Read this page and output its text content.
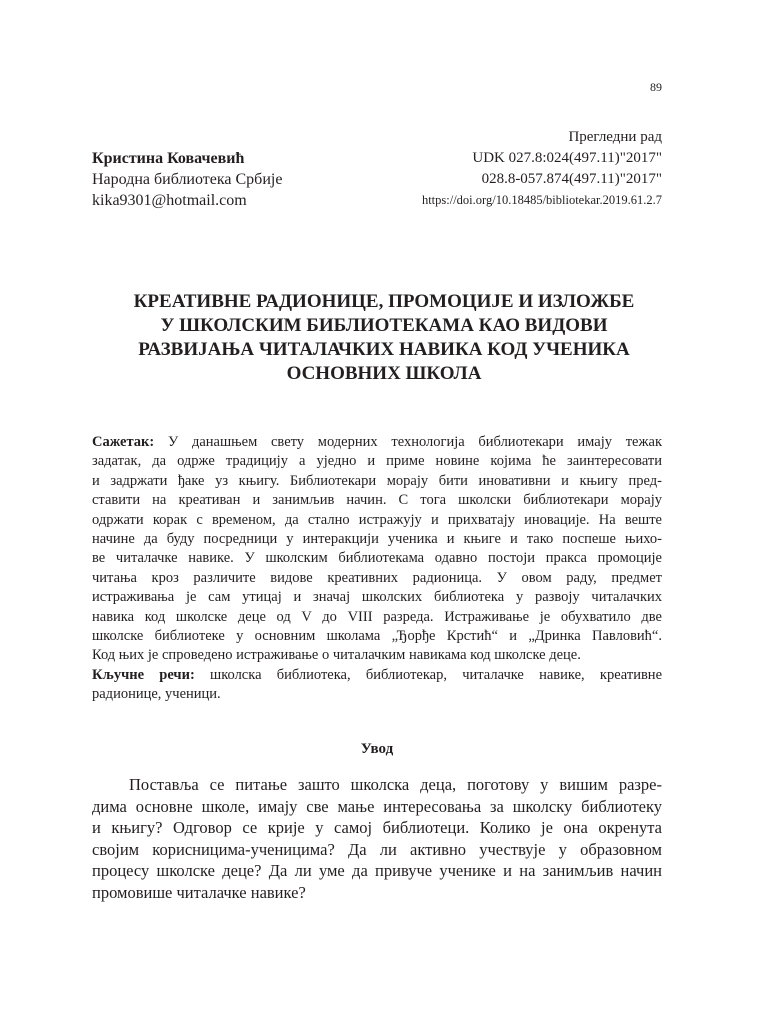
89
Кристина Ковачевић
Народна библиотека Србије
kika9301@hotmail.com
Прегледни рад
UDK 027.8:024(497.11)"2017"
028.8-057.874(497.11)"2017"
https://doi.org/10.18485/bibliotekar.2019.61.2.7
КРЕАТИВНЕ РАДИОНИЦЕ, ПРОМОЦИЈЕ И ИЗЛОЖБЕ
У ШКОЛСКИМ БИБЛИОТЕКАМА КАО ВИДОВИ
РАЗВИЈАЊА ЧИТАЛАЧКИХ НАВИКА КОД УЧЕНИКА
ОСНОВНИХ ШКОЛА
Сажетак: У данашњем свету модерних технологија библиотекари имају тежак
задатак, да одрже традицију а уједно и приме новине којима ће заинтересовати
и задржати ђаке уз књигу. Библиотекари морају бити иновативни и књигу пред-
ставити на креативан и занимљив начин. С тога школски библиотекари морају
одржати корак с временом, да стално истражују и прихватају иновације. На веште
начине да буду посредници у интеракцији ученика и књиге и тако поспеше њихо-
ве читалачке навике. У школским библиотекама одавно постоји пракса промоције
читања кроз различите видове креативних радионица. У овом раду, предмет
истраживања је сам утицај и значај школских библиотека у развоју читалачких
навика код школске деце од V до VIII разреда. Истраживање је обухватило две
школске библиотеке у основним школама „Ђорђе Крстић“ и „Дринка Павловић“.
Код њих је спроведено истраживање о читалачким навикама код школске деце.
Кључне речи: школска библиотека, библиотекар, читалачке навике, креативне
радионице, ученици.
Увод
Поставља се питање зашто школска деца, поготову у вишим разре-
дима основне школе, имају све мање интересовања за школску библиотеку
и књигу? Одговор се крије у самој библиотеци. Колико је она окренута
својим корисницима-ученицима? Да ли активно учествује у образовном
процесу школске деце? Да ли уме да привуче ученике и на занимљив начин
промовише читалачке навике?
